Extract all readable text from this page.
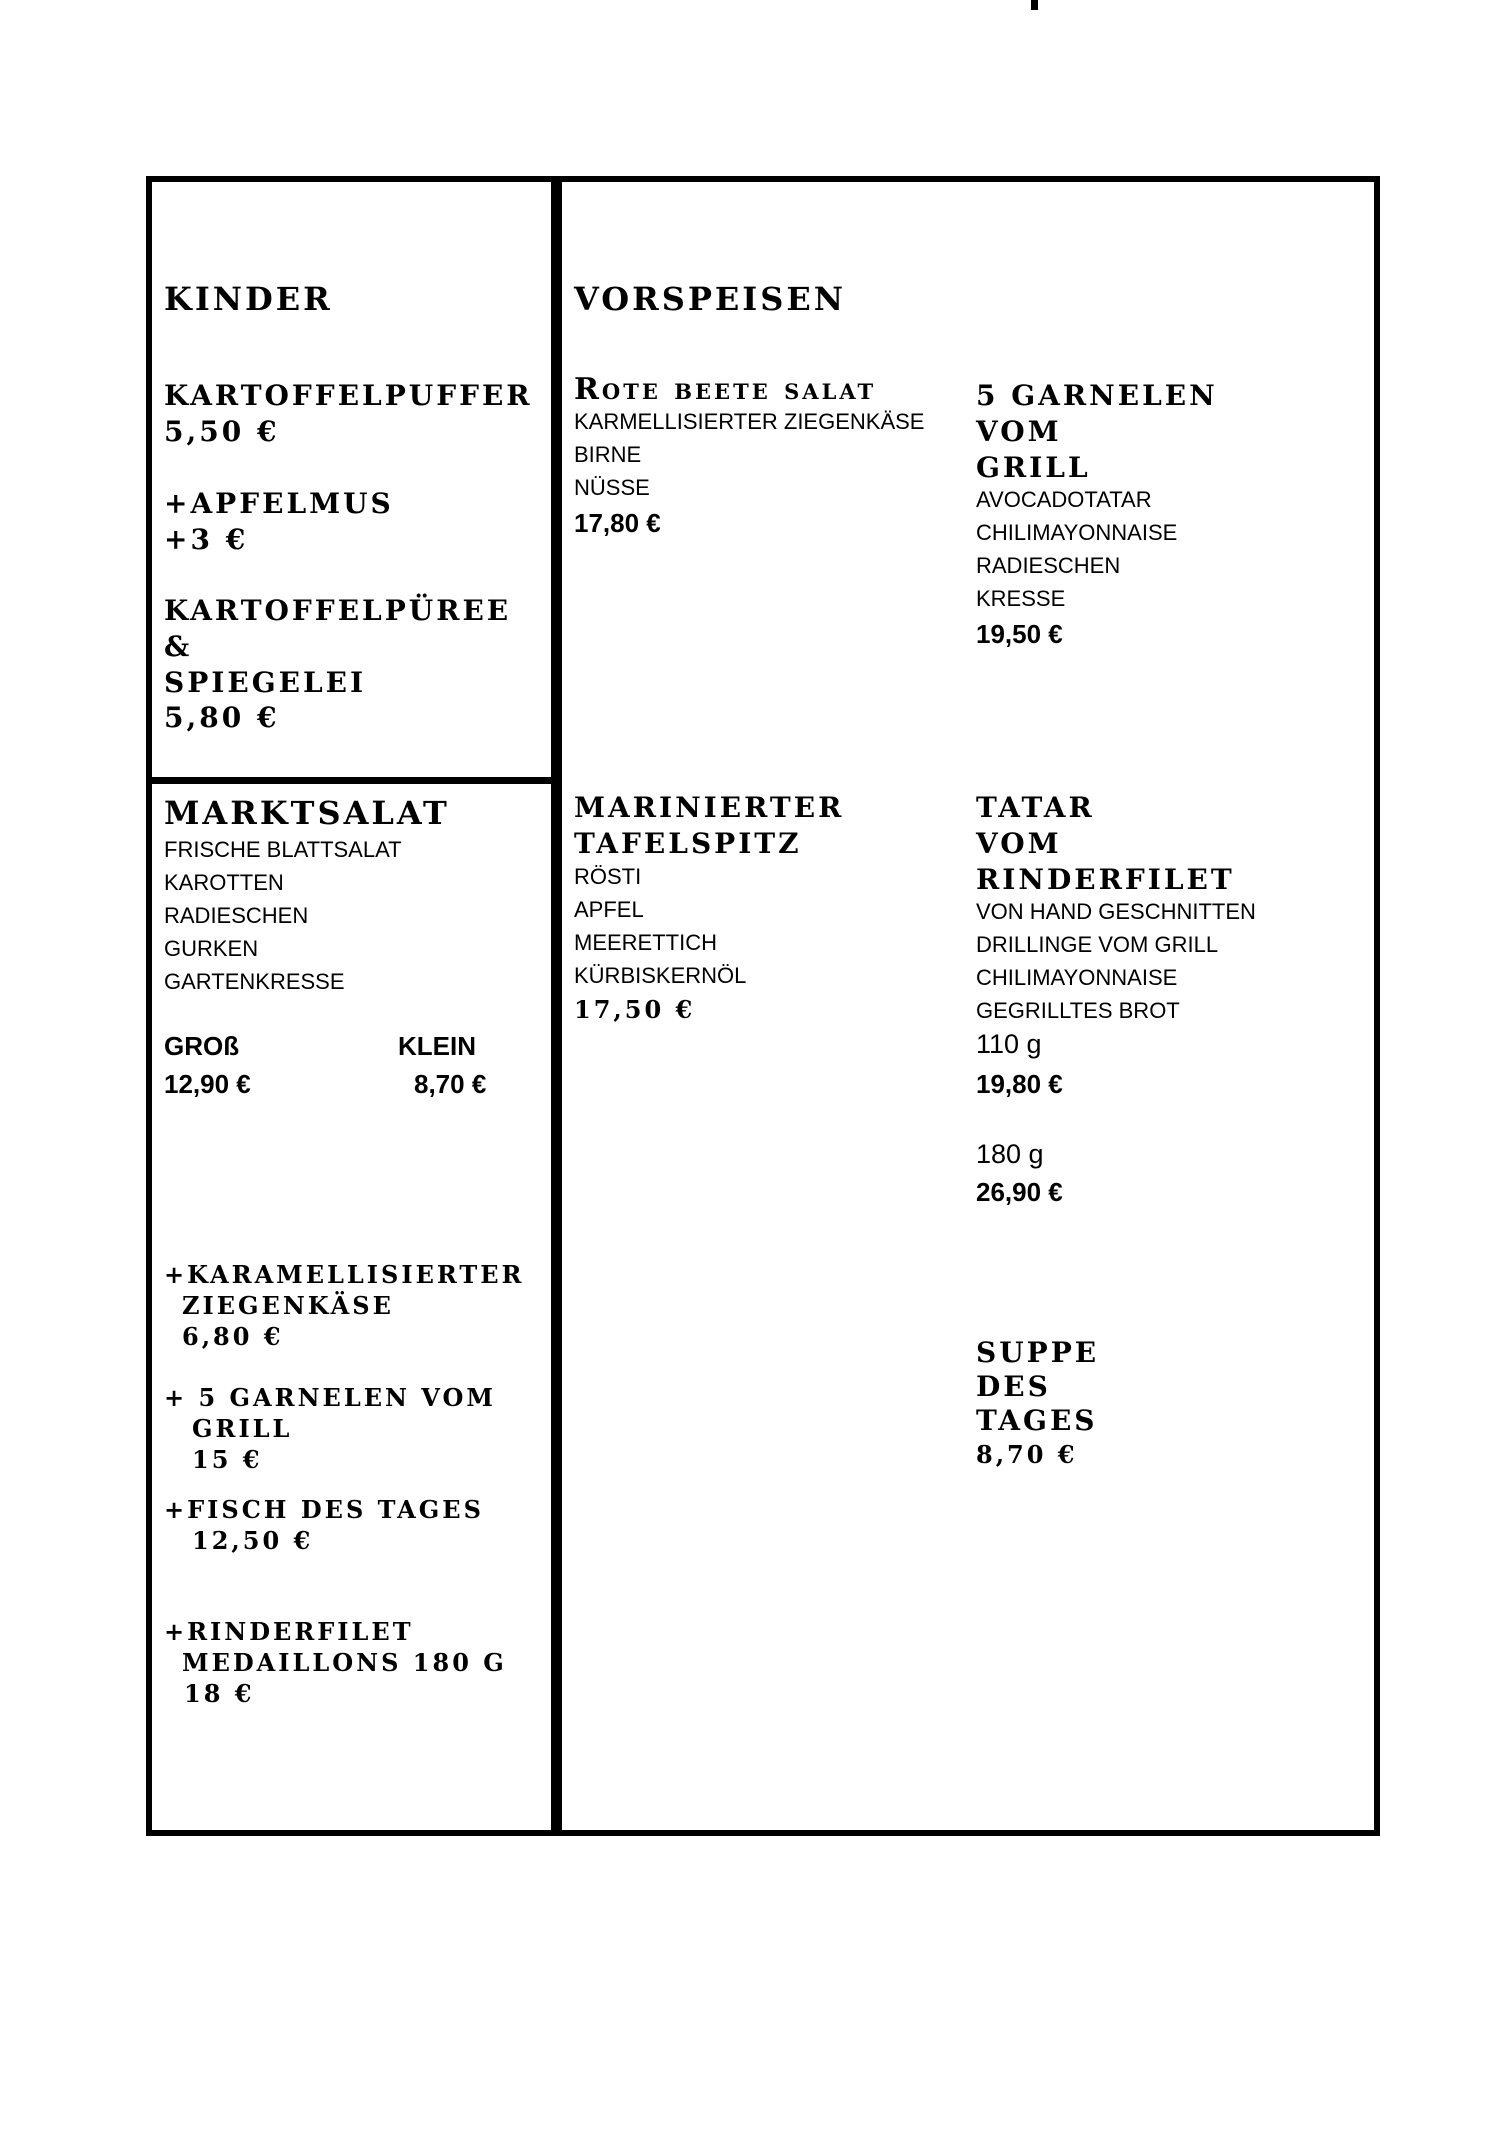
KINDER
KARTOFFELPUFFER
5,50 €
+APFELMUS
+3 €
KARTOFFELPÜREE
&
SPIEGELEI
5,80 €
MARKTSALAT
FRISCHE BLATTSALAT
KAROTTEN
RADIESCHEN
GURKEN
GARTENKRESSE
GROß	KLEIN
12,90 €	8,70 €
+KARAMELLISIERTER
ZIEGENKÄSE
6,80 €
+ 5 GARNELEN VOM
GRILL
15 €
+FISCH DES TAGES
12,50 €
+RINDERFILET
MEDAILLONS 180 G
18 €
VORSPEISEN
Rote beete salat
KARMELLISIERTER ZIEGENKÄSE
BIRNE
NÜSSE
17,80 €
5 GARNELEN
VOM
GRILL
AVOCADOTATAR
CHILIMAYONNAISE
RADIESCHEN
KRESSE
19,50 €
MARINIERTER
TAFELSPITZ
RÖSTI
APFEL
MEERETTICH
KÜRBISKERNÖL
17,50 €
TATAR
VOM
RINDERFILET
VON HAND GESCHNITTEN
DRILLINGE VOM GRILL
CHILIMAYONNAISE
GEGRILLTES BROT
110 g
19,80 €
180 g
26,90 €
SUPPE
DES
TAGES
8,70 €
